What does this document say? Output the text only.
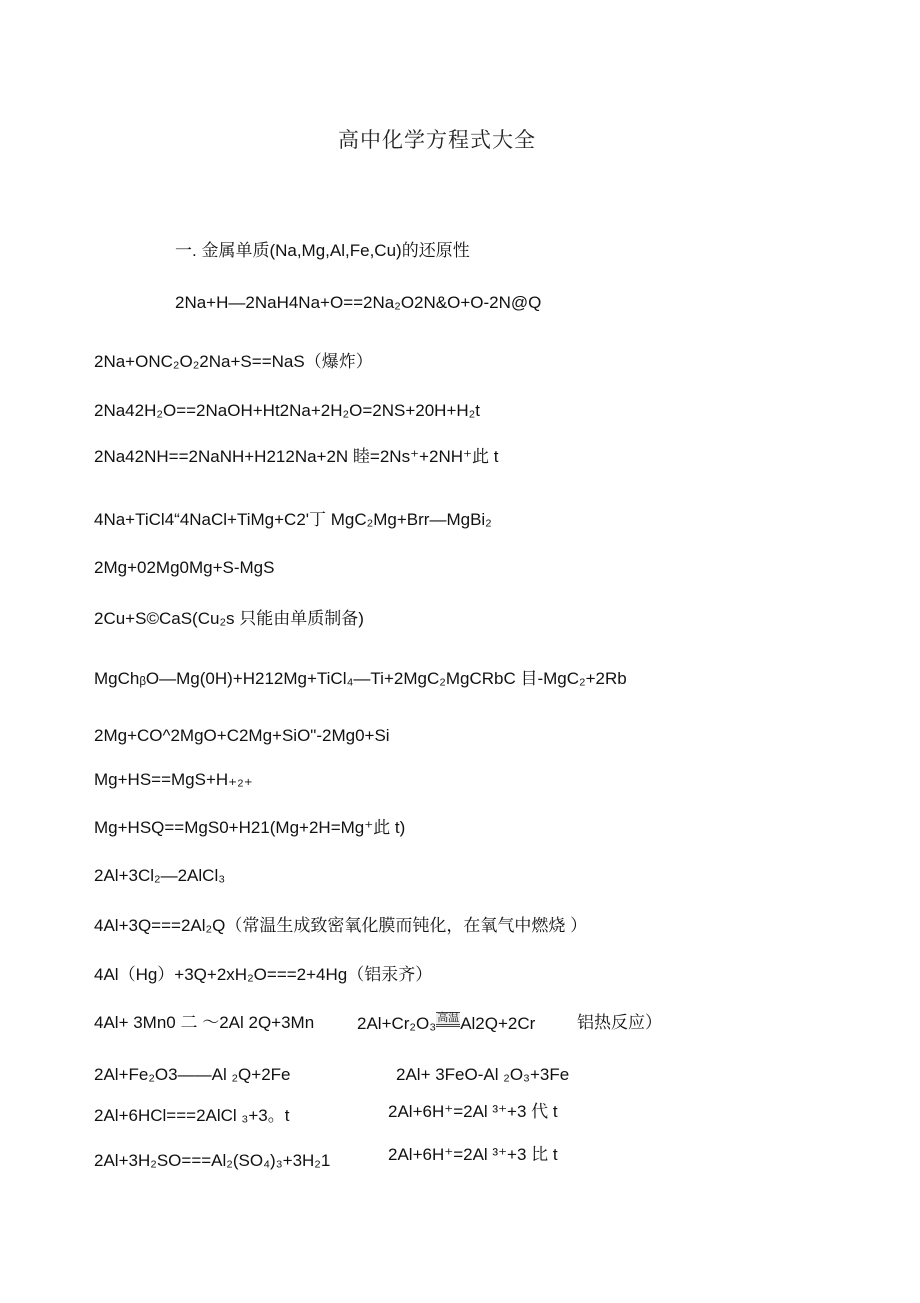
高中化学方程式大全
一. 金属单质(Na,Mg,Al,Fe,Cu)的还原性
2Na+H—2NaH4Na+O==2Na₂O2N&O+O-2N@Q
2Na+ONC₂O₂2Na+S==NaS（爆炸）
2Na42H₂O==2NaOH+Ht2Na+2H₂O=2NS+20H+H₂t
2Na42NH==2NaNH+H212Na+2N 睦=2Ns⁺+2NH⁺此 t
4Na+TiCl4“4NaCl+TiMg+C2'丁 MgC₂Mg+Brr—MgBi₂
2Mg+02Mg0Mg+S-MgS
2Cu+S©CaS(Cu₂s 只能由单质制备)
MgChᵦO—Mg(0H)+H212Mg+TiCl₄—Ti+2MgC₂MgCRbC 目-MgC₂+2Rb
2Mg+CO^2MgO+C2Mg+SiO"-2Mg0+Si
Mg+HS==MgS+H₊₂₊
Mg+HSQ==MgS0+H21(Mg+2H=Mg⁺此 t)
2Al+3Cl₂—2AlCl₃
4Al+3Q===2Al₂Q（常温生成致密氧化膜而钝化，在氧气中燃烧 ）
4Al（Hg）+3Q+2xH₂O===2+4Hg（铝汞齐）
4Al+ 3Mn0 二 ～2Al 2Q+3Mn	2Al+Cr₂O₃高温Al2Q+2Cr 铝热反应）
2Al+Fe₂O3——Al ₂Q+2Fe	2Al+ 3FeO-Al ₂O₃+3Fe
2Al+6HCl===2AlCl ₃+3。t	2Al+6H⁺=2Al ³⁺+3 代 t
2Al+3H₂SO===Al₂(SO₄)₃+3H₂1	2Al+6H⁺=2Al ³⁺+3 比 t
